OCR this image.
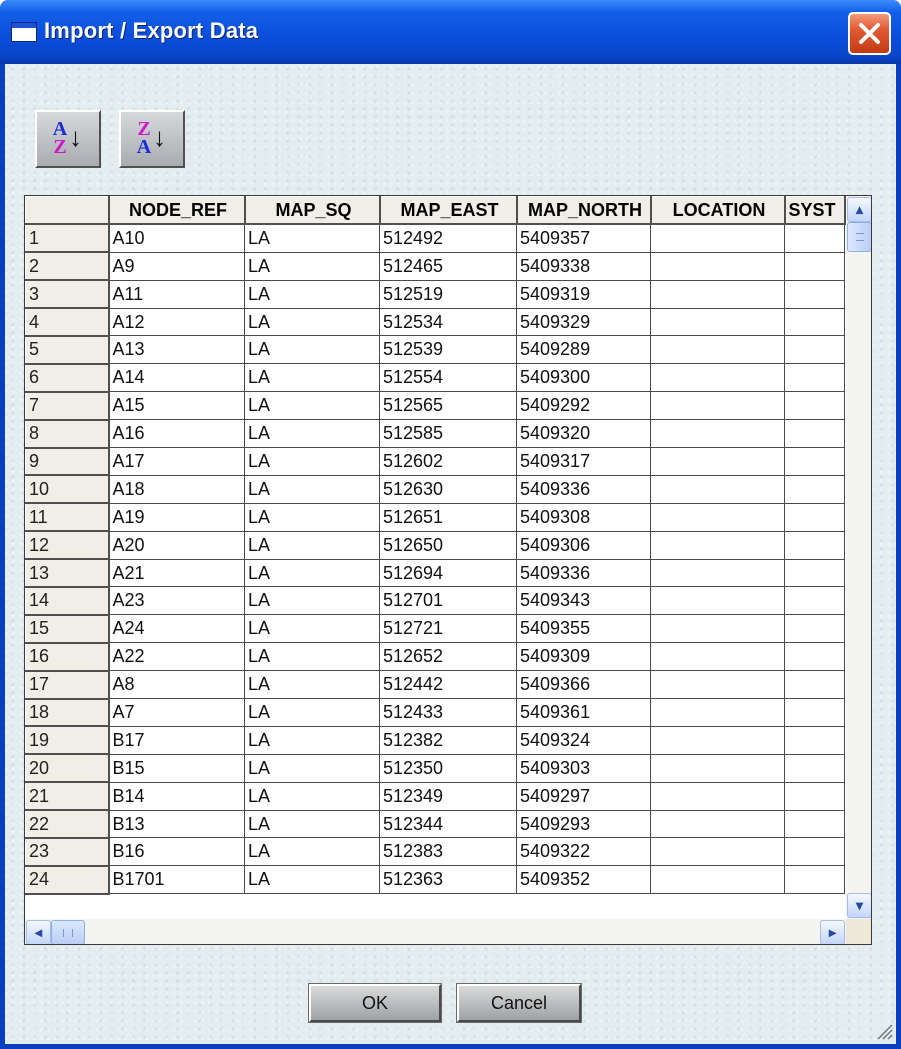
Import / Export Data
A
Z ↓	Z
A ↓
	NODE_REF	MAP_SQ	MAP_EAST	MAP_NORTH	LOCATION	SYST
1	A10	LA	512492	5409357		
2	A9	LA	512465	5409338		
3	A11	LA	512519	5409319		
4	A12	LA	512534	5409329		
5	A13	LA	512539	5409289		
6	A14	LA	512554	5409300		
7	A15	LA	512565	5409292		
8	A16	LA	512585	5409320		
9	A17	LA	512602	5409317		
10	A18	LA	512630	5409336		
11	A19	LA	512651	5409308		
12	A20	LA	512650	5409306		
13	A21	LA	512694	5409336		
14	A23	LA	512701	5409343		
15	A24	LA	512721	5409355		
16	A22	LA	512652	5409309		
17	A8	LA	512442	5409366		
18	A7	LA	512433	5409361		
19	B17	LA	512382	5409324		
20	B15	LA	512350	5409303		
21	B14	LA	512349	5409297		
22	B13	LA	512344	5409293		
23	B16	LA	512383	5409322		
24	B1701	LA	512363	5409352		
▴
▾
◂	▸
OK	Cancel
